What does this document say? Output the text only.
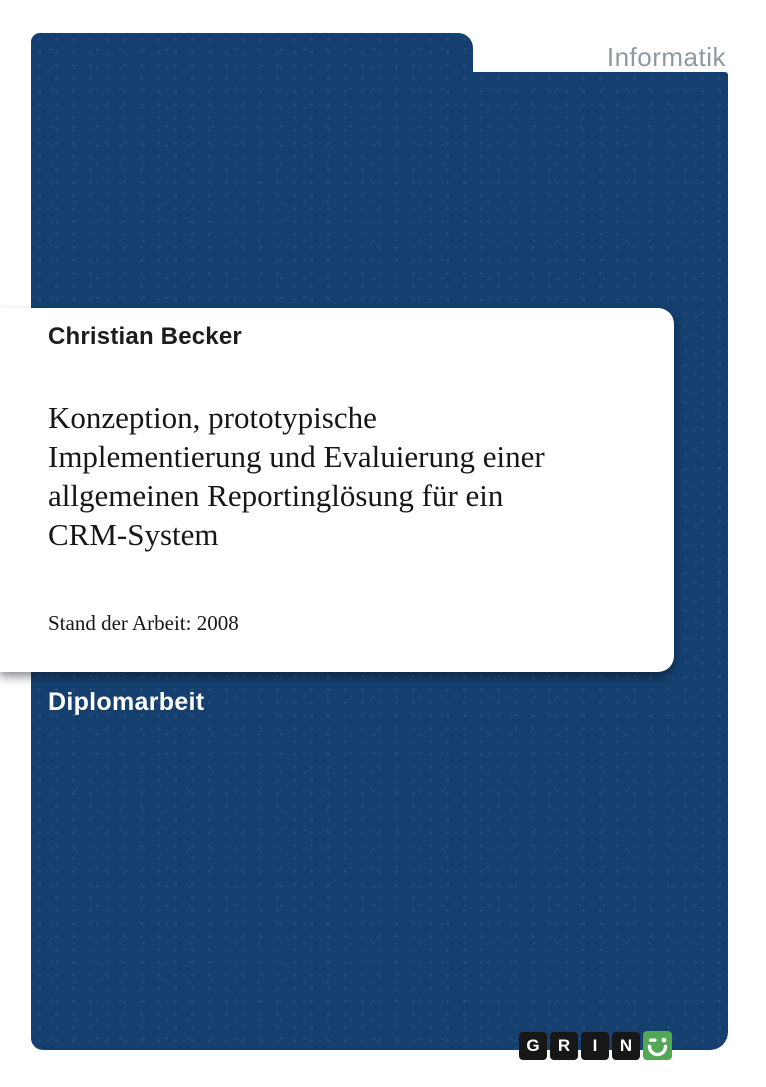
Informatik
Christian Becker
Konzeption, prototypische
Implementierung und Evaluierung einer
allgemeinen Reportinglösung für ein
CRM-System
Stand der Arbeit: 2008
Diplomarbeit
G	R	I	N
